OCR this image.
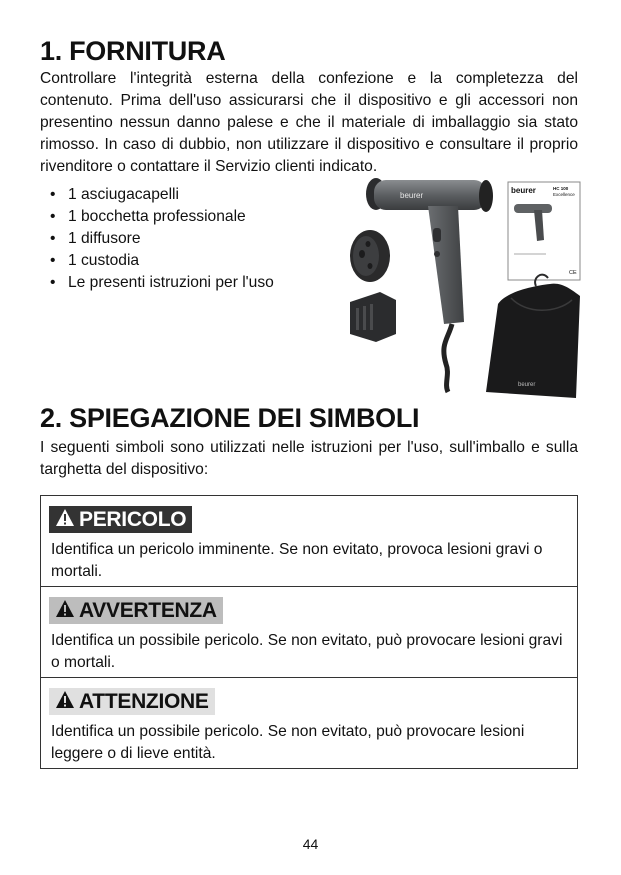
1. FORNITURA

Controllare l'integrità esterna della confezione e la completezza del contenuto. Prima dell'uso assicurarsi che il dispositivo e gli accessori non presentino nessun danno palese e che il materiale di imballaggio sia stato rimosso. In caso di dubbio, non utilizzare il dispositivo e consultare il proprio rivenditore o contattare il Servizio clienti indicato.

• 1 asciugacapelli
• 1 bocchetta professionale
• 1 diffusore
• 1 custodia
• Le presenti istruzioni per l'uso
beurer
beurer	HC 100
Excellence
CE
beurer
2. SPIEGAZIONE DEI SIMBOLI

I seguenti simboli sono utilizzati nelle istruzioni per l'uso, sull'imballo e sulla targhetta del dispositivo:

PERICOLO

Identifica un pericolo imminente. Se non evitato, provoca lesioni gravi o mortali.

AVVERTENZA

Identifica un possibile pericolo. Se non evitato, può provocare lesioni gravi o mortali.

ATTENZIONE

Identifica un possibile pericolo. Se non evitato, può provocare lesioni leggere o di lieve entità.

44
